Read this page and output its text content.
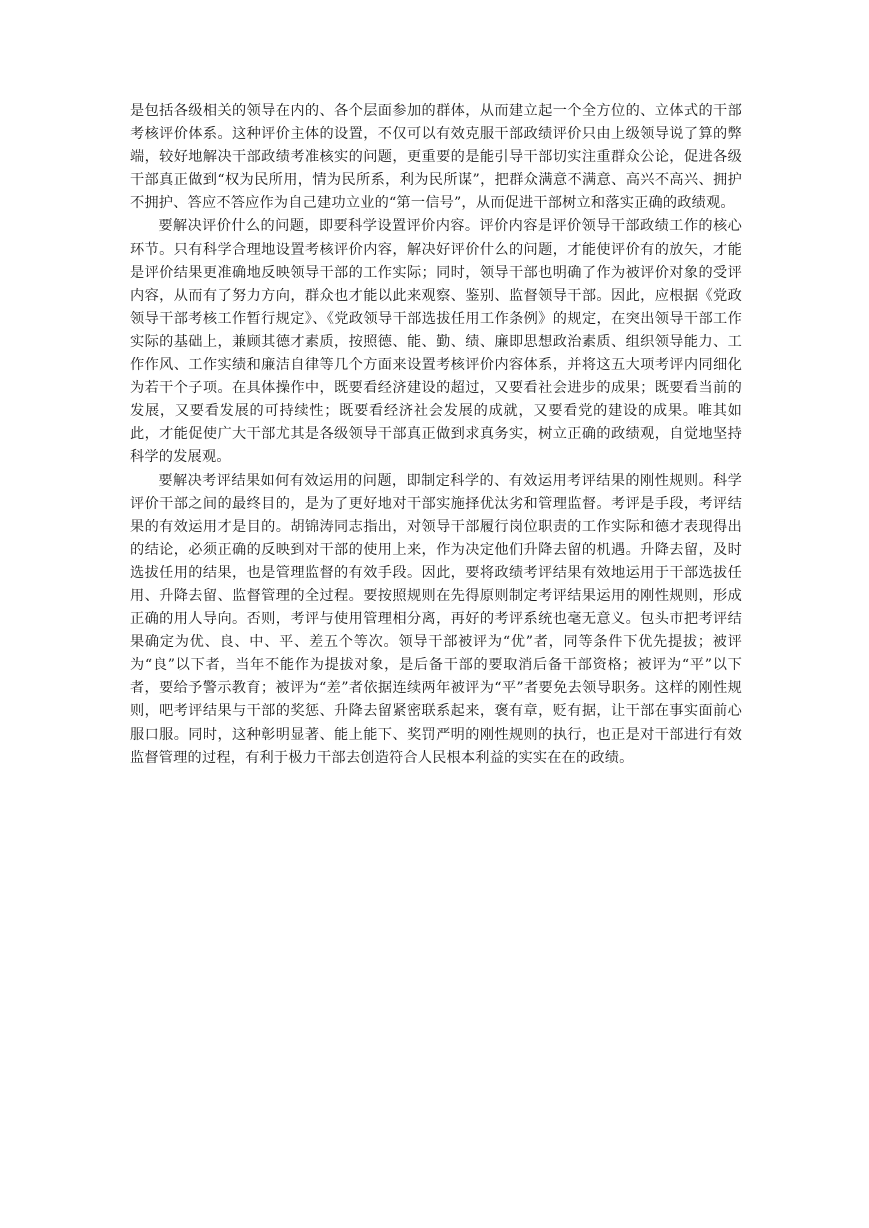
是包括各级相关的领导在内的、各个层面参加的群体，从而建立起一个全方位的、立体式的干部考核评价体系。这种评价主体的设置，不仅可以有效克服干部政绩评价只由上级领导说了算的弊端，较好地解决干部政绩考准核实的问题，更重要的是能引导干部切实注重群众公论，促进各级干部真正做到“权为民所用，情为民所系，利为民所谋”，把群众满意不满意、高兴不高兴、拥护不拥护、答应不答应作为自己建功立业的“第一信号”，从而促进干部树立和落实正确的政绩观。

要解决评价什么的问题，即要科学设置评价内容。评价内容是评价领导干部政绩工作的核心环节。只有科学合理地设置考核评价内容，解决好评价什么的问题，才能使评价有的放矢，才能是评价结果更准确地反映领导干部的工作实际；同时，领导干部也明确了作为被评价对象的受评内容，从而有了努力方向，群众也才能以此来观察、鉴别、监督领导干部。因此，应根据《党政领导干部考核工作暂行规定》、《党政领导干部选拔任用工作条例》的规定，在突出领导干部工作实际的基础上，兼顾其德才素质，按照德、能、勤、绩、廉即思想政治素质、组织领导能力、工作作风、工作实绩和廉洁自律等几个方面来设置考核评价内容体系，并将这五大项考评内同细化为若干个子项。在具体操作中，既要看经济建设的超过，又要看社会进步的成果；既要看当前的发展，又要看发展的可持续性；既要看经济社会发展的成就，又要看党的建设的成果。唯其如此，才能促使广大干部尤其是各级领导干部真正做到求真务实，树立正确的政绩观，自觉地坚持科学的发展观。

要解决考评结果如何有效运用的问题，即制定科学的、有效运用考评结果的刚性规则。科学评价干部之间的最终目的，是为了更好地对干部实施择优汰劣和管理监督。考评是手段，考评结果的有效运用才是目的。胡锦涛同志指出，对领导干部履行岗位职责的工作实际和德才表现得出的结论，必须正确的反映到对干部的使用上来，作为决定他们升降去留的机遇。升降去留，及时选拔任用的结果，也是管理监督的有效手段。因此，要将政绩考评结果有效地运用于干部选拔任用、升降去留、监督管理的全过程。要按照规则在先得原则制定考评结果运用的刚性规则，形成正确的用人导向。否则，考评与使用管理相分离，再好的考评系统也毫无意义。包头市把考评结果确定为优、良、中、平、差五个等次。领导干部被评为“优”者，同等条件下优先提拔；被评为“良”以下者，当年不能作为提拔对象，是后备干部的要取消后备干部资格；被评为“平”以下者，要给予警示教育；被评为“差”者依据连续两年被评为“平”者要免去领导职务。这样的刚性规则，吧考评结果与干部的奖惩、升降去留紧密联系起来，褒有章，贬有据，让干部在事实面前心服口服。同时，这种彰明显著、能上能下、奖罚严明的刚性规则的执行，也正是对干部进行有效监督管理的过程，有利于极力干部去创造符合人民根本利益的实实在在的政绩。
